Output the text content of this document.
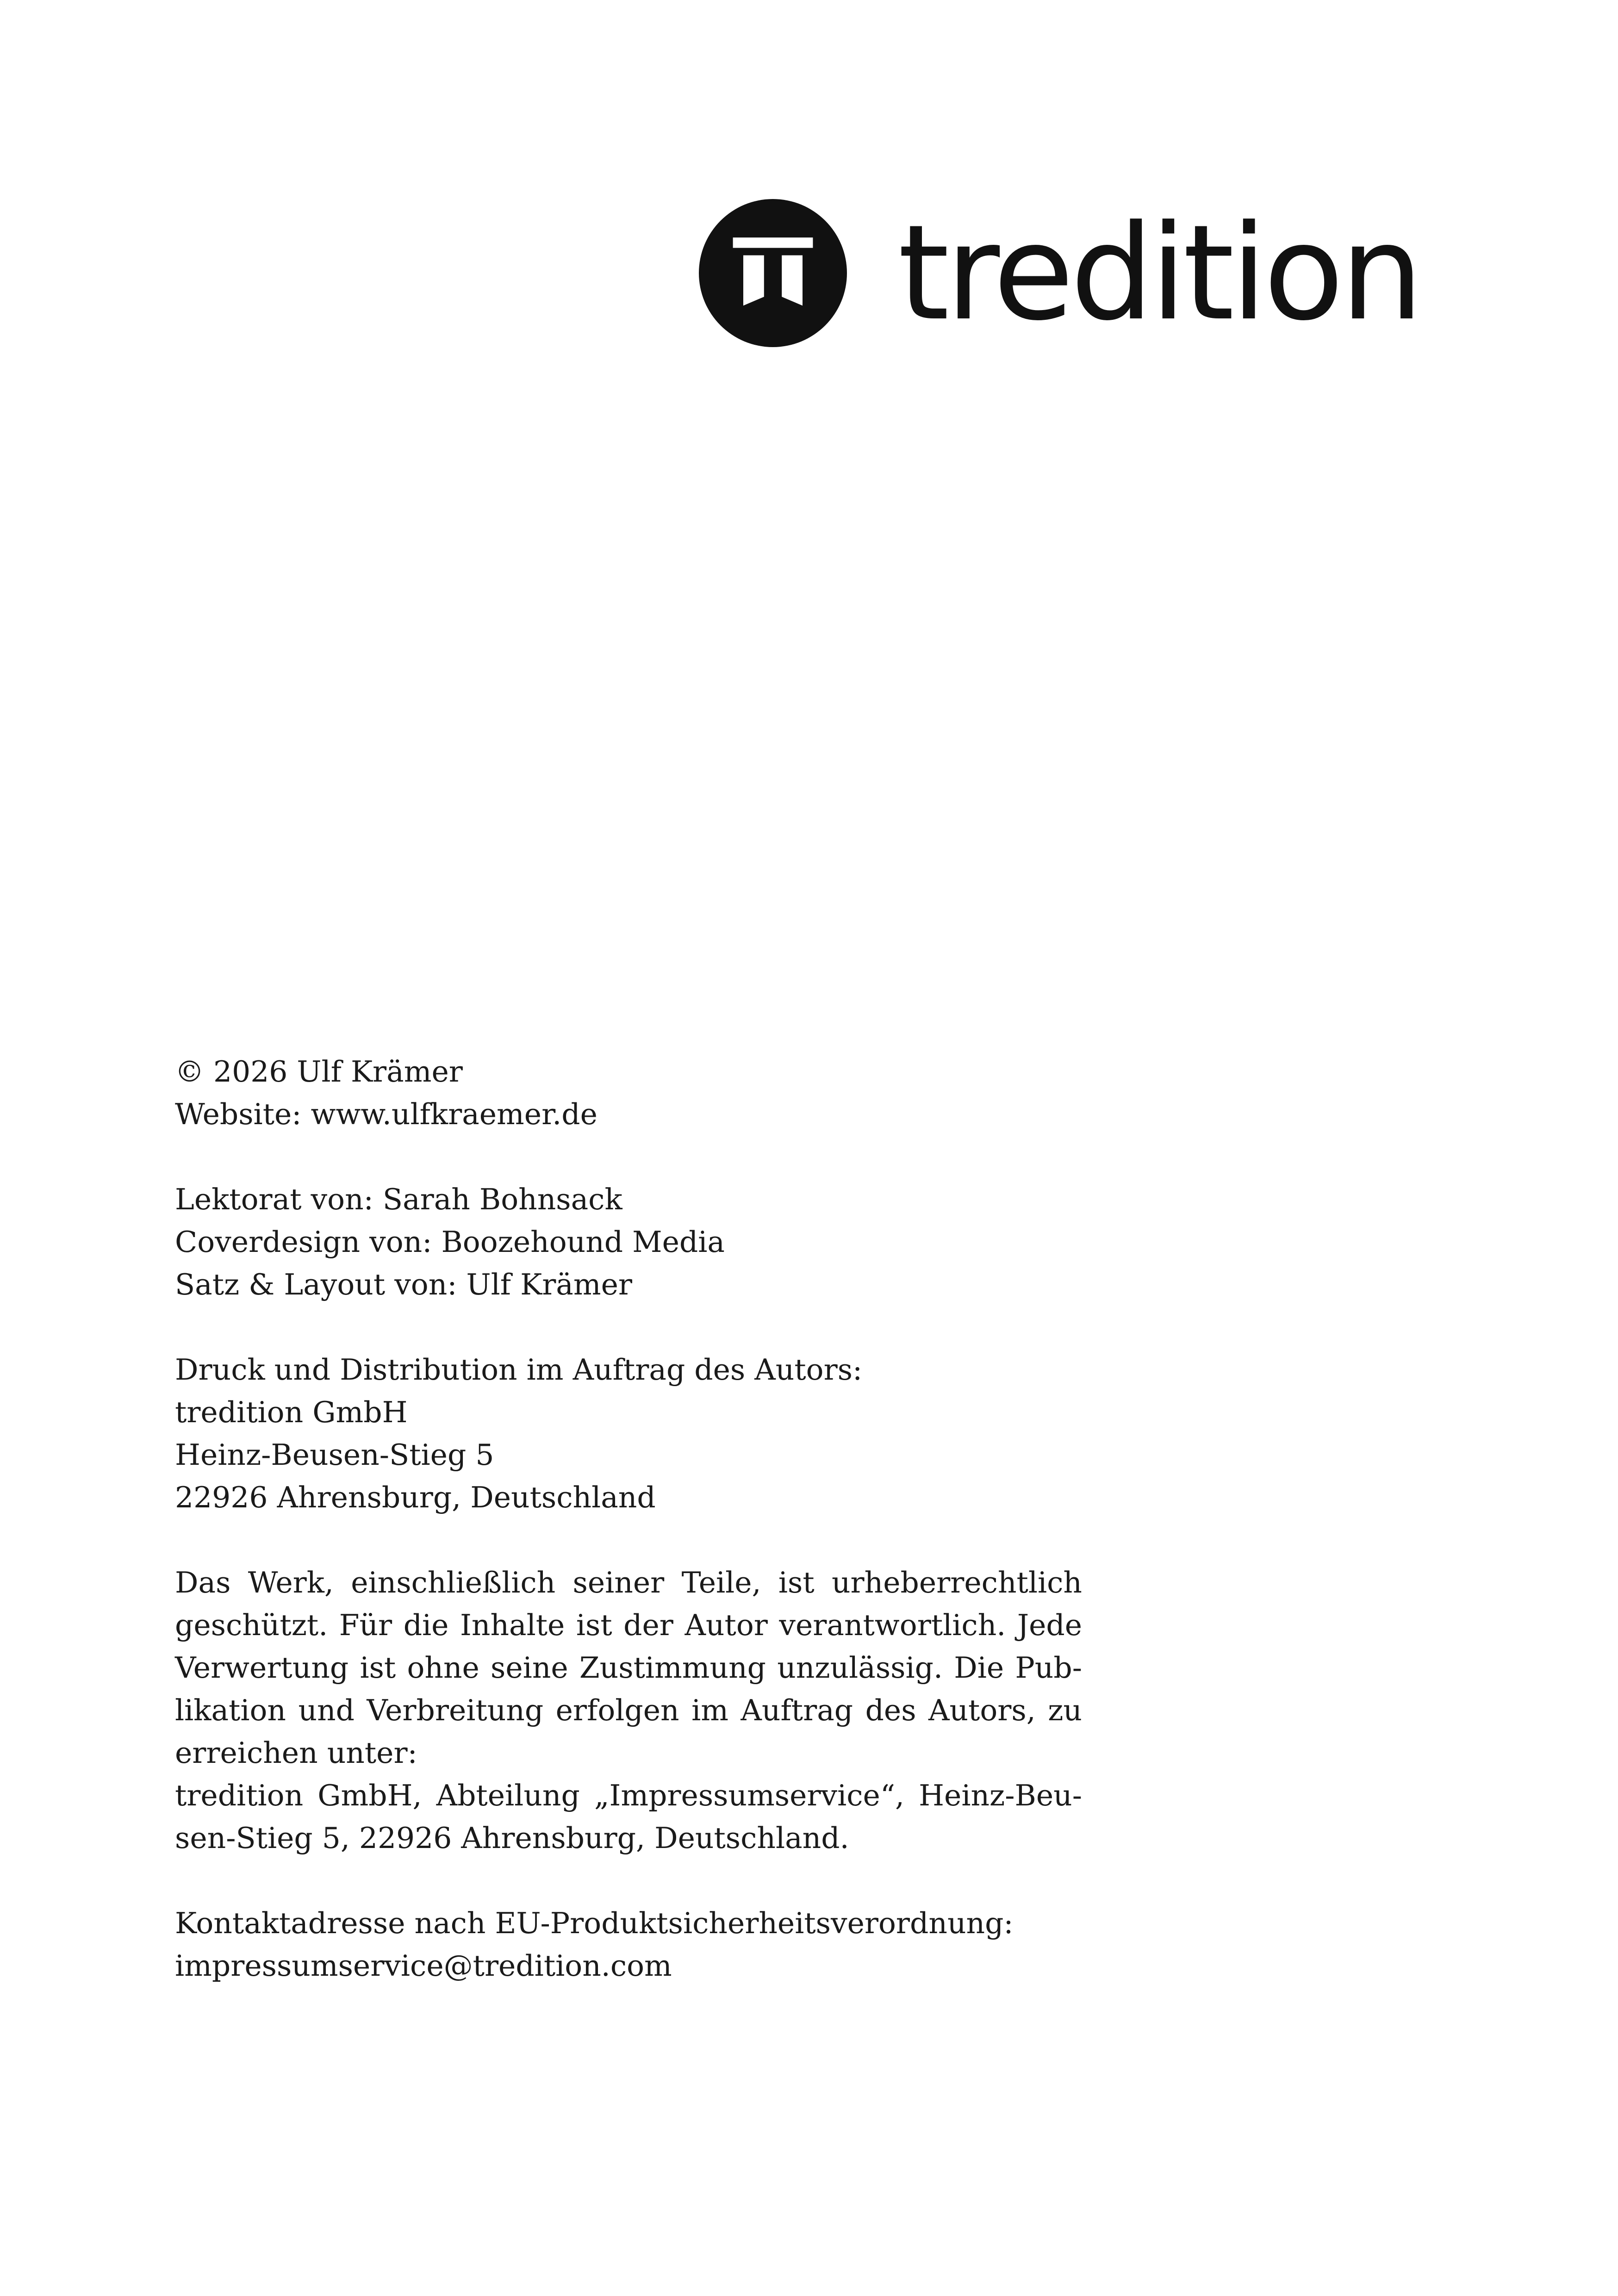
tredition
© 2026 Ulf Krämer
Website: www.ulfkraemer.de
Lektorat von: Sarah Bohnsack
Coverdesign von: Boozehound Media
Satz & Layout von: Ulf Krämer
Druck und Distribution im Auftrag des Autors:
tredition GmbH
Heinz-Beusen-Stieg 5
22926 Ahrensburg, Deutschland
Das Werk, einschließlich seiner Teile, ist urheberrechtlich geschützt. Für die Inhalte ist der Autor verantwortlich. Jede Verwertung ist ohne seine Zustimmung unzulässig. Die Publikation und Verbreitung erfolgen im Auftrag des Autors, zu erreichen unter:
tredition GmbH, Abteilung „Impressumservice“, Heinz-Beusen-Stieg 5, 22926 Ahrensburg, Deutschland.
Kontaktadresse nach EU-Produktsicherheitsverordnung:
impressumservice@tredition.com
